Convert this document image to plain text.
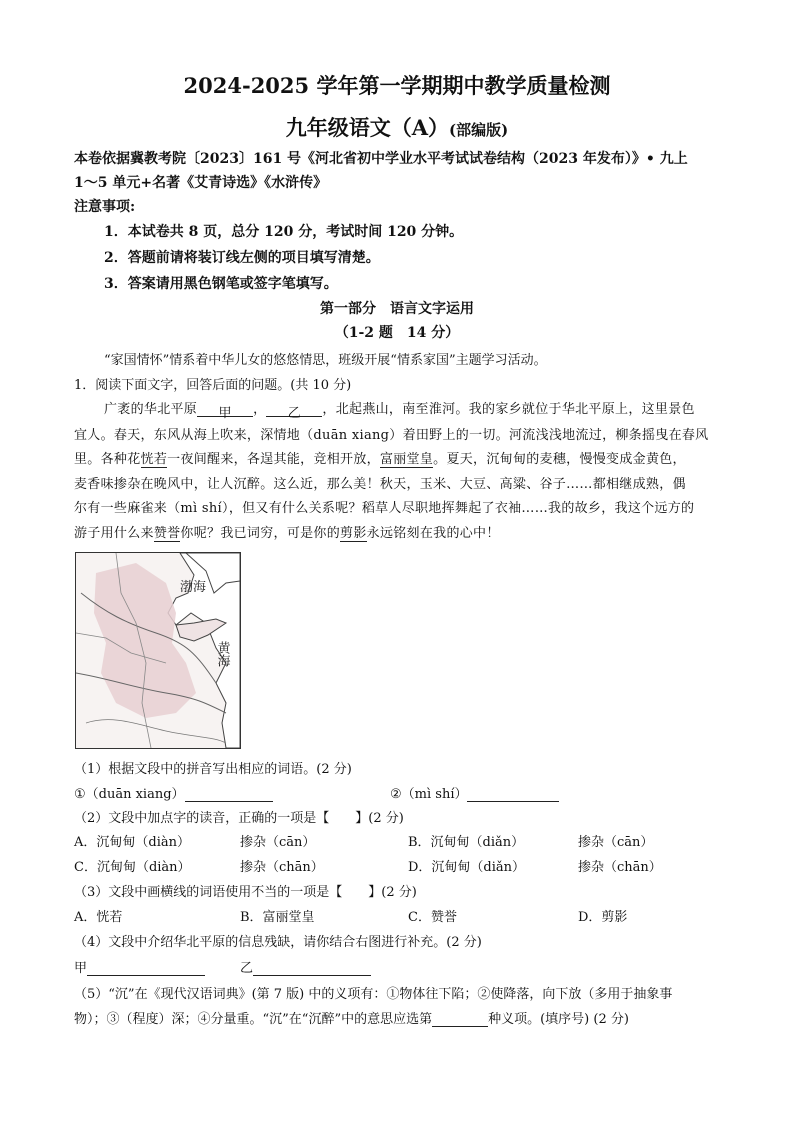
2024-2025 学年第一学期期中教学质量检测
九年级语文（A）(部编版)
本卷依据冀教考院〔2023〕161 号《河北省初中学业水平考试试卷结构（2023 年发布）》• 九上
1～5 单元+名著《艾青诗选》《水浒传》
注意事项:
1．本试卷共 8 页，总分 120 分，考试时间 120 分钟。
2．答题前请将装订线左侧的项目填写清楚。
3．答案请用黑色钢笔或签字笔填写。
第一部分　语言文字运用
（1-2 题　14 分）
“家国情怀”情系着中华儿女的悠悠情思，班级开展“情系家国”主题学习活动。
1．阅读下面文字，回答后面的问题。(共 10 分)
广袤的华北平原 甲 ， 乙 ，北起燕山，南至淮河。我的家乡就位于华北平原上，这里景色
宜人。春天，东风从海上吹来，深情地（duān xiang）着田野上的一切。河流浅浅地流过，柳条摇曳在春风
里。各种花恍若一夜间醒来，各逞其能，竞相开放，富丽堂皇。夏天，沉甸甸的麦穗，慢慢变成金黄色，
麦香味掺杂在晚风中，让人沉醉。这么近，那么美！秋天，玉米、大豆、高粱、谷子……都相继成熟，偶
尔有一些麻雀来（mì shí），但又有什么关系呢？稻草人尽职地挥舞起了衣袖……我的故乡，我这个远方的
游子用什么来赞誉你呢？我已词穷，可是你的剪影永远铭刻在我的心中！
渤海
黄海
（1）根据文段中的拼音写出相应的词语。(2 分)
①（duān xiang）	②（mì shí）
（2）文段中加点字的读音，正确的一项是【　　】(2 分)
A．沉甸甸（diàn）	掺杂（cān）	B．沉甸甸（diǎn）	掺杂（cān）
C．沉甸甸（diàn）	掺杂（chān）	D．沉甸甸（diǎn）	掺杂（chān）
（3）文段中画横线的词语使用不当的一项是【　　】(2 分)
A．恍若	B．富丽堂皇	C．赞誉	D．剪影
（4）文段中介绍华北平原的信息残缺，请你结合右图进行补充。(2 分)
甲	乙
（5）“沉”在《现代汉语词典》(第 7 版) 中的义项有：①物体往下陷；②使降落，向下放（多用于抽象事
物）；③（程度）深；④分量重。“沉”在“沉醉”中的意思应选第	种义项。(填序号) (2 分)
